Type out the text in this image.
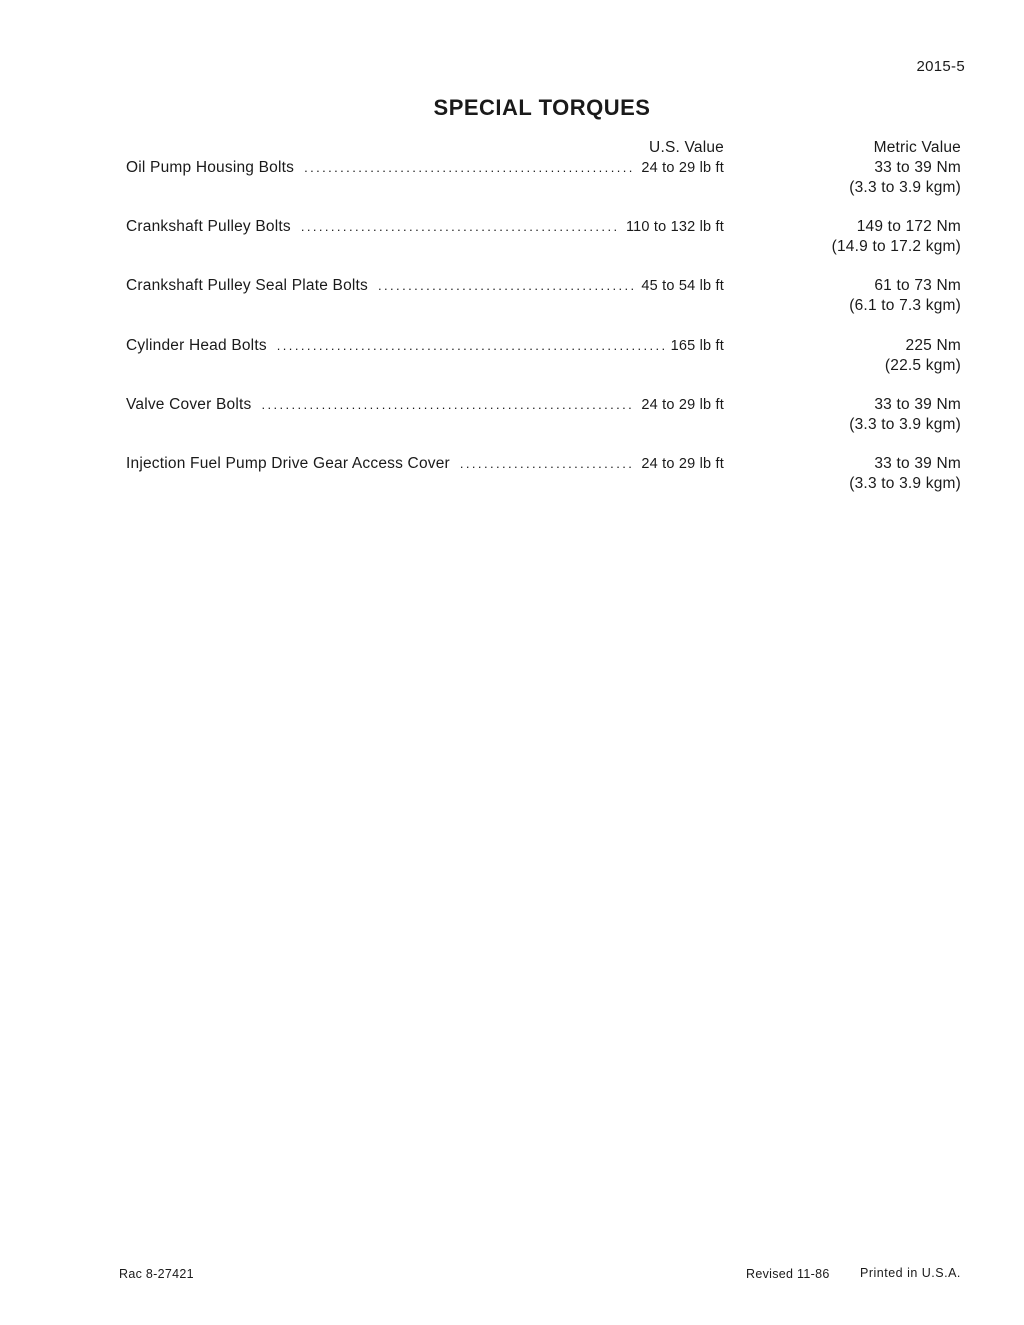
2015-5
SPECIAL TORQUES
U.S. Value	Metric Value
Oil Pump Housing Bolts .....	24 to 29 lb ft	33 to 39 Nm
(3.3 to 3.9 kgm)
Crankshaft Pulley Bolts .....	110 to 132 lb ft	149 to 172 Nm
(14.9 to 17.2 kgm)
Crankshaft Pulley Seal Plate Bolts .....	45 to 54 lb ft	61 to 73 Nm
(6.1 to 7.3 kgm)
Cylinder Head Bolts .....	165 lb ft	225 Nm
(22.5 kgm)
Valve Cover Bolts .....	24 to 29 lb ft	33 to 39 Nm
(3.3 to 3.9 kgm)
Injection Fuel Pump Drive Gear Access Cover .....	24 to 29 lb ft	33 to 39 Nm
(3.3 to 3.9 kgm)
Rac 8-27421	Revised 11-86 Printed in U.S.A.
